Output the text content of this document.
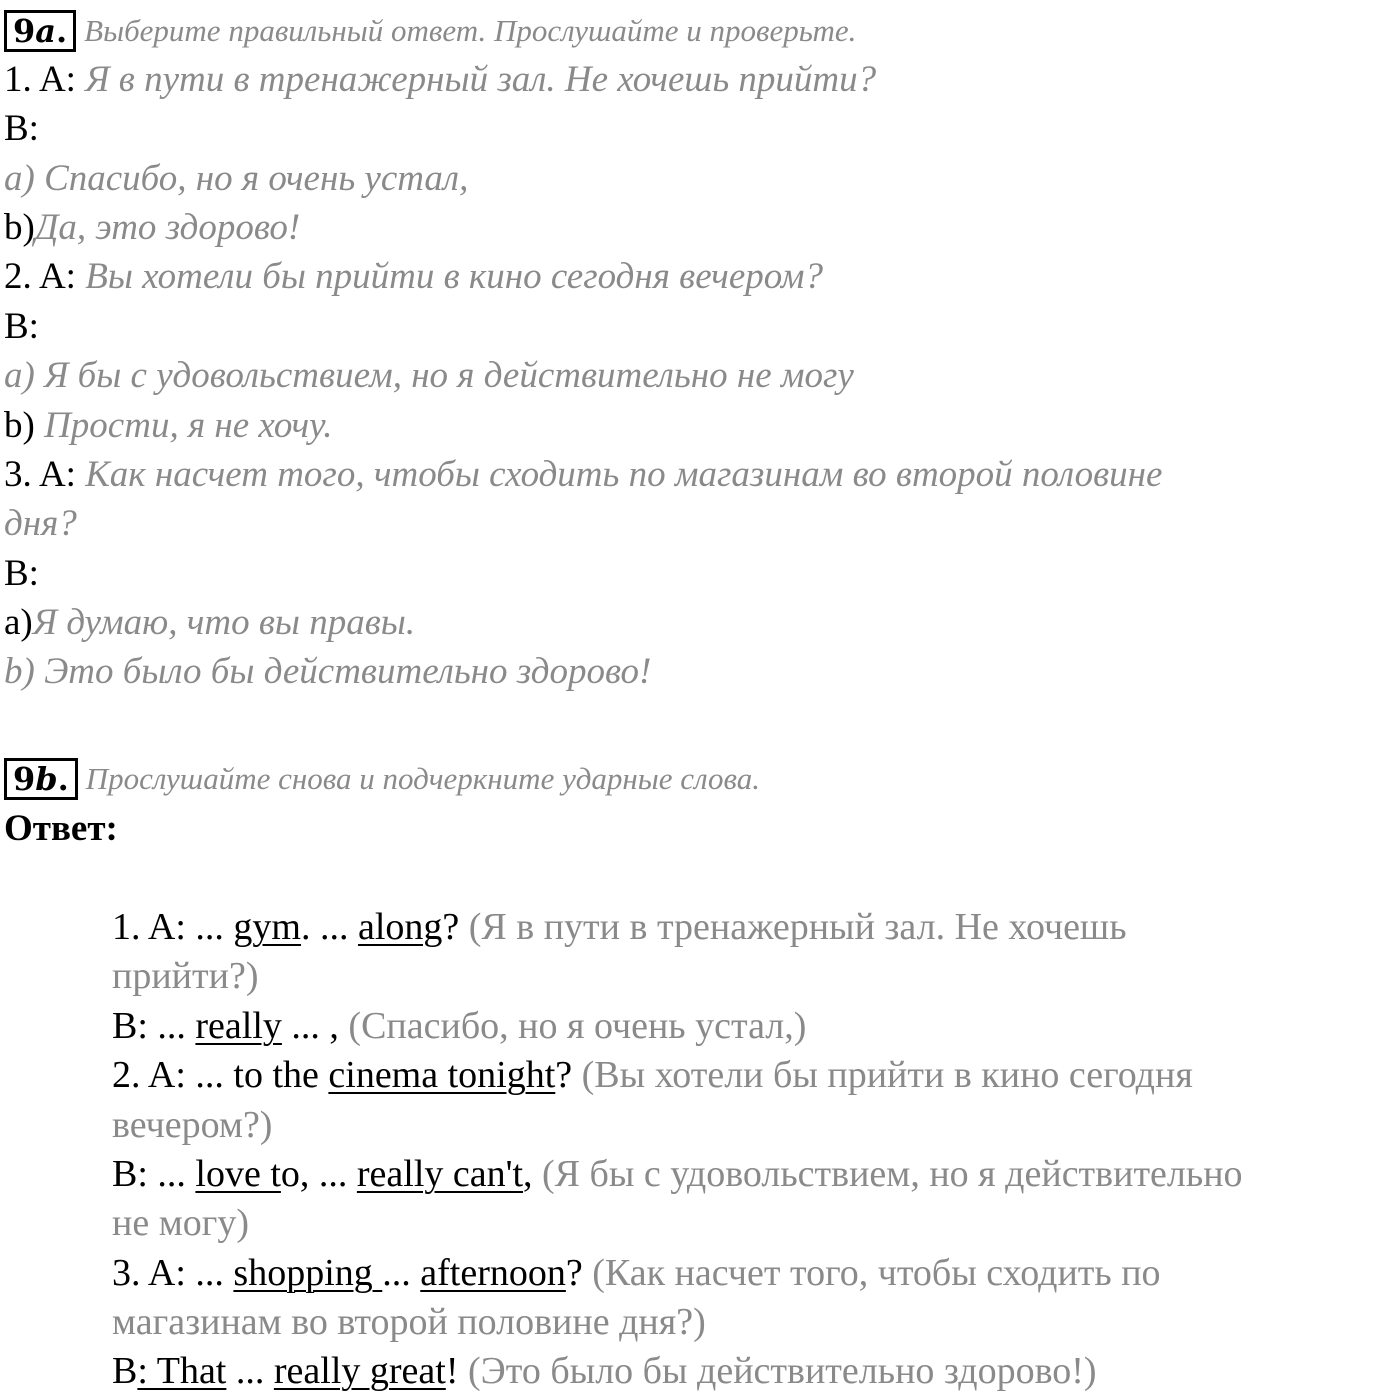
9 a . Выберите правильный ответ. Прослушайте и проверьте.
1. A: Я в пути в тренажерный зал. Не хочешь прийти?
B:
a) Спасибо, но я очень устал,
b)Да, это здорово!
2. A: Вы хотели бы прийти в кино сегодня вечером?
B:
a) Я бы с удовольствием, но я действительно не могу
b) Прости, я не хочу.
3. A: Как насчет того, чтобы сходить по магазинам во второй половине
дня?
B:
a)Я думаю, что вы правы.
b) Это было бы действительно здорово!
9 b . Прослушайте снова и подчеркните ударные слова.
Ответ:
1. A: ... gym. ... along? (Я в пути в тренажерный зал. Не хочешь
прийти?)
B: ... really ... , (Спасибо, но я очень устал,)
2. A: ... to the cinema tonight? (Вы хотели бы прийти в кино сегодня
вечером?)
B: ... love to, ... really can't, (Я бы с удовольствием, но я действительно
не могу)
3. A: ... shopping ... afternoon? (Как насчет того, чтобы сходить по
магазинам во второй половине дня?)
B: That ... really great! (Это было бы действительно здорово!)
